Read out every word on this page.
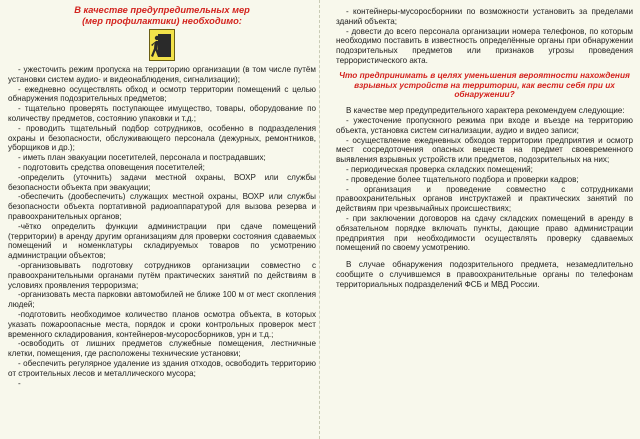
В качестве предупредительных мер
(мер профилактики) необходимо:

- ужесточить режим пропуска на территорию организации (в том числе путём установки систем аудио- и видеонаблюдения, сигнализации);

- ежедневно осуществлять обход и осмотр территории помещений с целью обнаружения подозрительных предметов;

- тщательно проверять поступающее имущество, товары, оборудование по количеству предметов, состоянию упаковки и т.д.;

- проводить тщательный подбор сотрудников, особенно в подразделения охраны и безопасности, обслуживающего персонала (дежурных, ремонтников, уборщиков и др.);

- иметь план эвакуации посетителей, персонала и пострадавших;

- подготовить средства оповещения посетителей;

-определить (уточнить) задачи местной охраны, ВОХР или службы безопасности объекта при эвакуации;

-обеспечить (дообеспечить) служащих местной охраны, ВОХР или службы безопасности объекта портативной радиоаппаратурой для вызова резерва и правоохранительных органов;

-чётко определить функции администрации при сдаче помещений (территории) в аренду другим организациям для проверки состояния сдаваемых помещений и номенклатуры складируемых товаров по усмотрению администрации объектов;

-организовывать подготовку сотрудников организации совместно с правоохранительными органами путём практических занятий по действиям в условиях проявления терроризма;

-организовать места парковки автомобилей не ближе 100 м от мест скопления людей;

-подготовить необходимое количество планов осмотра объекта, в которых указать пожароопасные места, порядок и сроки контрольных проверок мест временного складирования, контейнеров-мусоросборников, урн и т.д.;

-освободить от лишних предметов служебные помещения, лестничные клетки, помещения, где расположены технические установки;

- обеспечить регулярное удаление из здания отходов, освободить территорию от строительных лесов и металлического мусора;

-

- контейнеры-мусоросборники по возможности установить за пределами зданий объекта;

- довести до всего персонала организации номера телефонов, по которым необходимо поставить в известность определённые органы при обнаружении подозрительных предметов или признаков угрозы проведения террористического акта.

Что предпринимать в целях уменьшения вероятности нахождения взрывных устройств на территории, как вести себя при их обнаружении?

В качестве мер предупредительного характера рекомендуем следующие:

- ужесточение пропускного режима при входе и въезде на территорию объекта, установка систем сигнализации, аудио и видео записи;

- осуществление ежедневных обходов территории предприятия и осмотр мест сосредоточения опасных веществ на предмет своевременного выявления взрывных устройств или предметов, подозрительных на них;

- периодическая проверка складских помещений;

- проведение более тщательного подбора и проверки кадров;

- организация и проведение совместно с сотрудниками правоохранительных органов инструктажей и практических занятий по действиям при чрезвычайных происшествиях;

- при заключении договоров на сдачу складских помещений в аренду в обязательном порядке включать пункты, дающие право администрации предприятия при необходимости осуществлять проверку сдаваемых помещений по своему усмотрению.

В случае обнаружения подозрительного предмета, незамедлительно сообщите о случившемся в правоохранительные органы по телефонам территориальных подразделений ФСБ и МВД России.
